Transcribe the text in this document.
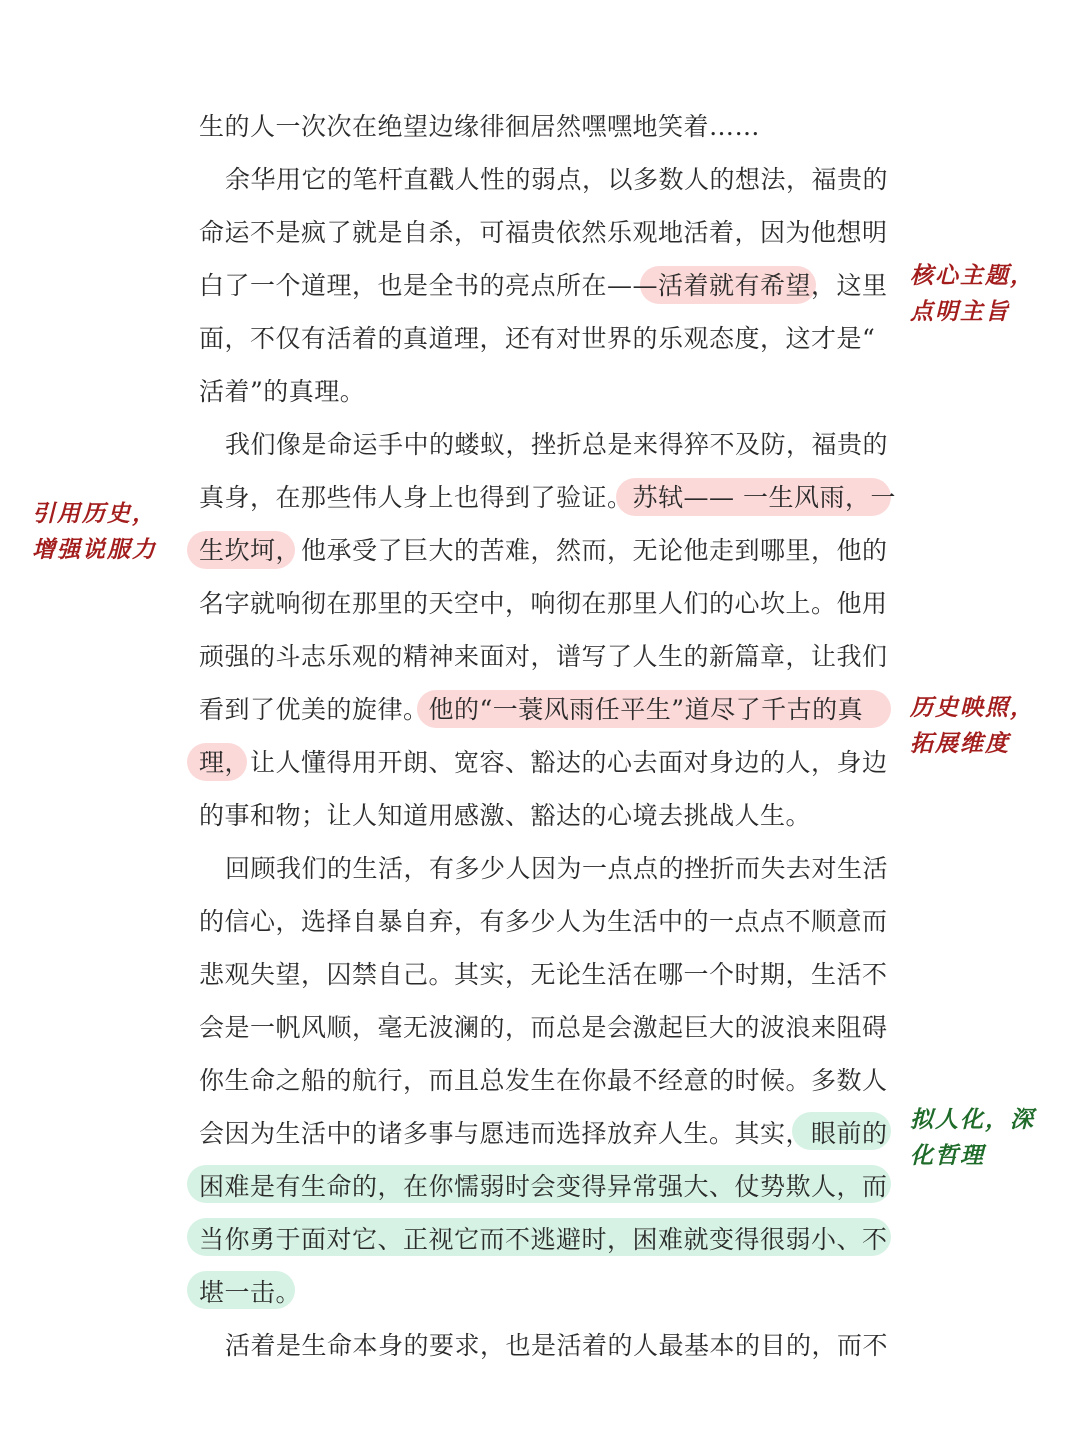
生的人一次次在绝望边缘徘徊居然嘿嘿地笑着……
余华用它的笔杆直戳人性的弱点，以多数人的想法，福贵的
命运不是疯了就是自杀，可福贵依然乐观地活着，因为他想明
白了一个道理，也是全书的亮点所在——活着就有希望，这里
面，不仅有活着的真道理，还有对世界的乐观态度，这才是“
活着”的真理。
我们像是命运手中的蝼蚁，挫折总是来得猝不及防，福贵的
真身，在那些伟人身上也得到了验证。苏轼—— 一生风雨，一
生坎坷，他承受了巨大的苦难，然而，无论他走到哪里，他的
名字就响彻在那里的天空中，响彻在那里人们的心坎上。他用
顽强的斗志乐观的精神来面对，谱写了人生的新篇章，让我们
看到了优美的旋律。他的“一蓑风雨任平生”道尽了千古的真
理，让人懂得用开朗、宽容、豁达的心去面对身边的人，身边
的事和物；让人知道用感激、豁达的心境去挑战人生。
回顾我们的生活，有多少人因为一点点的挫折而失去对生活
的信心，选择自暴自弃，有多少人为生活中的一点点不顺意而
悲观失望，囚禁自己。其实，无论生活在哪一个时期，生活不
会是一帆风顺，毫无波澜的，而总是会激起巨大的波浪来阻碍
你生命之船的航行，而且总发生在你最不经意的时候。多数人
会因为生活中的诸多事与愿违而选择放弃人生。其实，眼前的
困难是有生命的，在你懦弱时会变得异常强大、仗势欺人，而
当你勇于面对它、正视它而不逃避时，困难就变得很弱小、不
堪一击。
活着是生命本身的要求，也是活着的人最基本的目的，而不
核心主题，
点明主旨
引用历史，
增强说服力
历史映照，
拓展维度
拟人化，深
化哲理
